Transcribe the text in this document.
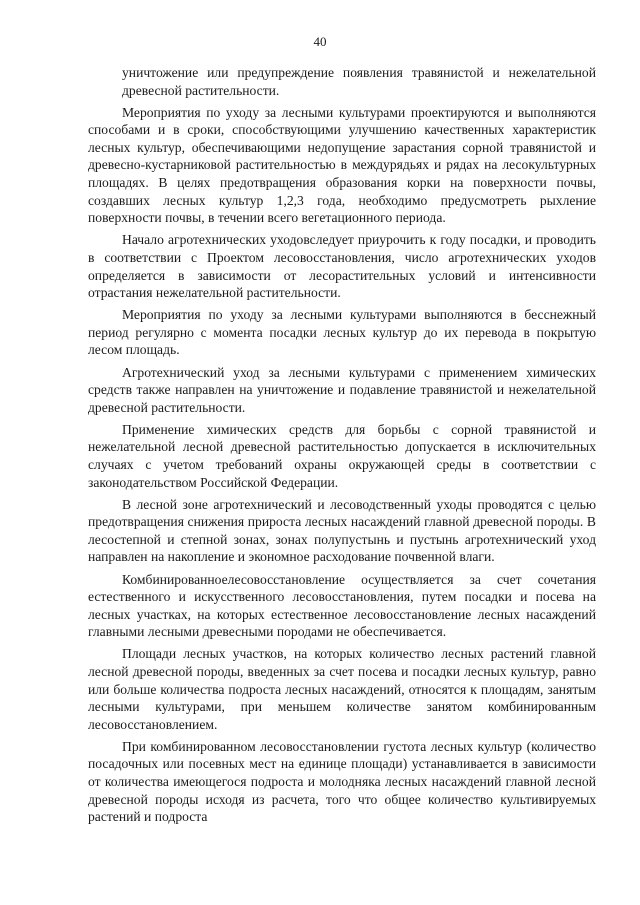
40

уничтожение или предупреждение появления травянистой и нежелательной древесной растительности.

Мероприятия по уходу за лесными культурами проектируются и выполняются способами и в сроки, способствующими улучшению качественных характеристик лесных культур, обеспечивающими недопущение зарастания сорной травянистой и древесно-кустарниковой растительностью в междурядьях и рядах на лесокультурных площадях. В целях предотвращения образования корки на поверхности почвы, создавших лесных культур 1,2,3 года, необходимо предусмотреть рыхление поверхности почвы, в течении всего вегетационного периода.

Начало агротехнических уходовследует приурочить к году посадки, и проводить в соответствии с Проектом лесовосстановления, число агротехнических уходов определяется в зависимости от лесорастительных условий и интенсивности отрастания нежелательной растительности.

Мероприятия по уходу за лесными культурами выполняются в бесснежный период регулярно с момента посадки лесных культур до их перевода в покрытую лесом площадь.

Агротехнический уход за лесными культурами с применением химических средств также направлен на уничтожение и подавление травянистой и нежелательной древесной растительности.

Применение химических средств для борьбы с сорной травянистой и нежелательной лесной древесной растительностью допускается в исключительных случаях с учетом требований охраны окружающей среды в соответствии с законодательством Российской Федерации.

В лесной зоне агротехнический и лесоводственный уходы проводятся с целью предотвращения снижения прироста лесных насаждений главной древесной породы. В лесостепной и степной зонах, зонах полупустынь и пустынь агротехнический уход направлен на накопление и экономное расходование почвенной влаги.

Комбинированноелесовосстановление осуществляется за счет сочетания естественного и искусственного лесовосстановления, путем посадки и посева на лесных участках, на которых естественное лесовосстановление лесных насаждений главными лесными древесными породами не обеспечивается.

Площади лесных участков, на которых количество лесных растений главной лесной древесной породы, введенных за счет посева и посадки лесных культур, равно или больше количества подроста лесных насаждений, относятся к площадям, занятым лесными культурами, при меньшем количестве занятом комбинированным лесовосстановлением.

При комбинированном лесовосстановлении густота лесных культур (количество посадочных или посевных мест на единице площади) устанавливается в зависимости от количества имеющегося подроста и молодняка лесных насаждений главной лесной древесной породы исходя из расчета, того что общее количество культивируемых растений и подроста
